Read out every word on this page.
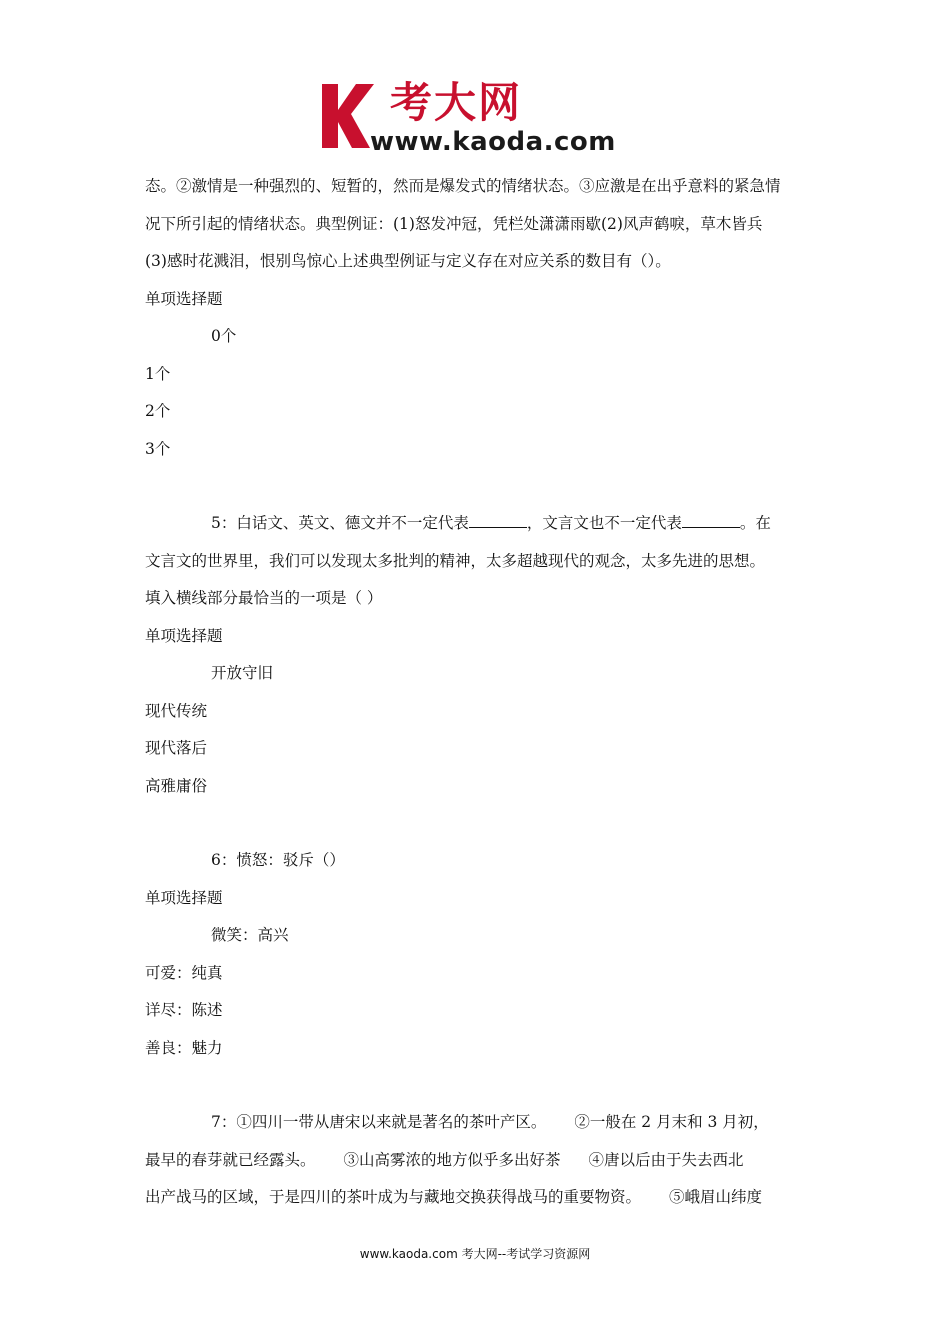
考大网
www.kaoda.com
态。②激情是一种强烈的、短暂的，然而是爆发式的情绪状态。③应激是在出乎意料的紧急情
况下所引起的情绪状态。典型例证：(1)怒发冲冠，凭栏处潇潇雨歇(2)风声鹤唳，草木皆兵
(3)感时花溅泪，恨别鸟惊心上述典型例证与定义存在对应关系的数目有（）。
单项选择题
0个
1个
2个
3个
5：白话文、英文、德文并不一定代表	，文言文也不一定代表	。在
文言文的世界里，我们可以发现太多批判的精神，太多超越现代的观念，太多先进的思想。
填入横线部分最恰当的一项是（ ）
单项选择题
开放守旧
现代传统
现代落后
高雅庸俗
6：愤怒：驳斥（）
单项选择题
微笑：高兴
可爱：纯真
详尽：陈述
善良：魅力
7：①四川一带从唐宋以来就是著名的茶叶产区。 ②一般在 2 月末和 3 月初，
最早的春芽就已经露头。 ③山高雾浓的地方似乎多出好茶 ④唐以后由于失去西北
出产战马的区域，于是四川的茶叶成为与藏地交换获得战马的重要物资。 ⑤峨眉山纬度
www.kaoda.com 考大网--考试学习资源网
